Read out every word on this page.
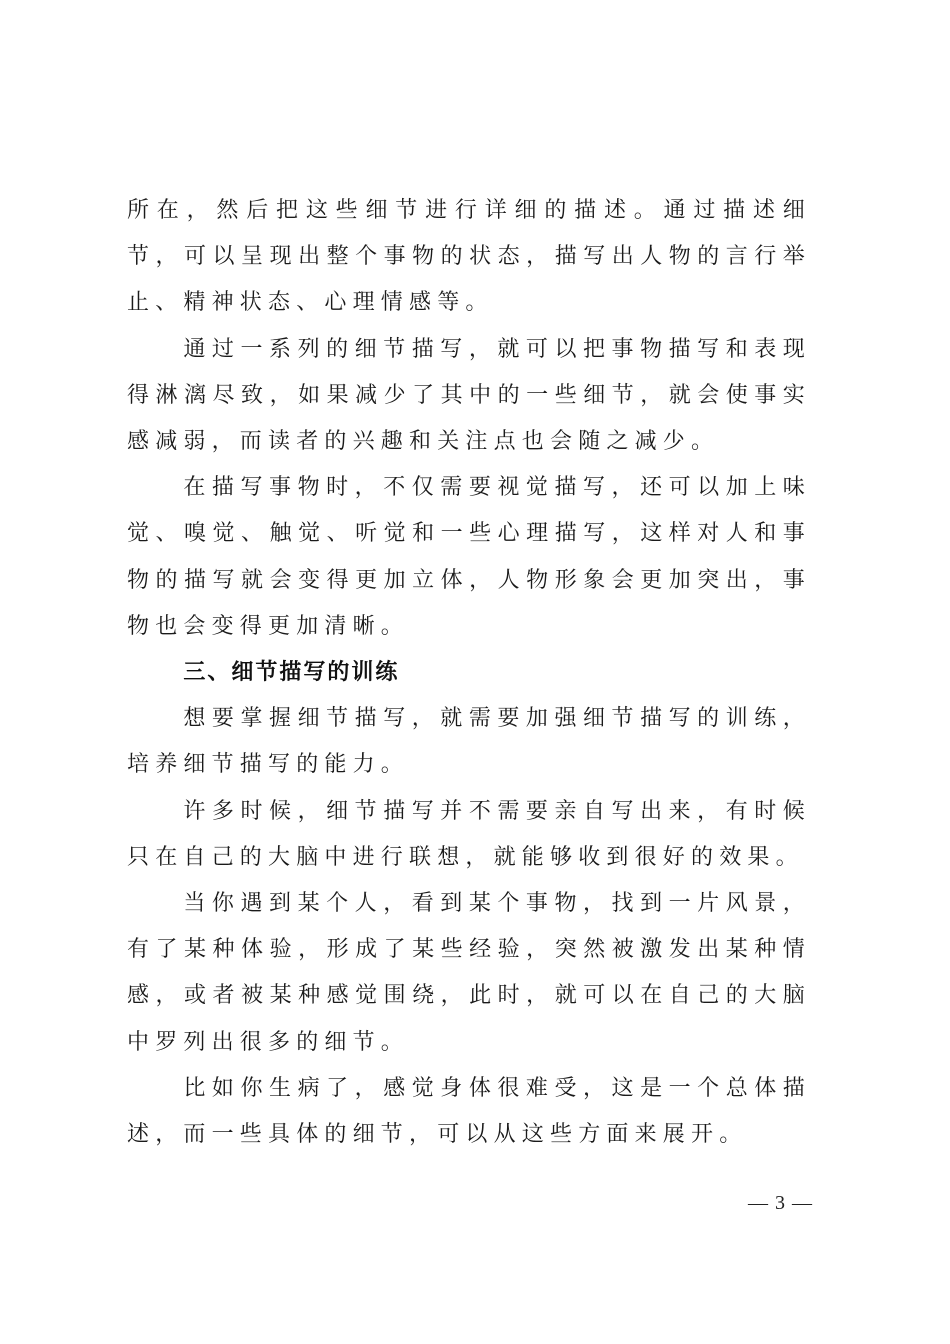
所在，然后把这些细节进行详细的描述。通过描述细节，可以呈现出整个事物的状态，描写出人物的言行举止、精神状态、心理情感等。

通过一系列的细节描写，就可以把事物描写和表现得淋漓尽致，如果减少了其中的一些细节，就会使事实感减弱，而读者的兴趣和关注点也会随之减少。

在描写事物时，不仅需要视觉描写，还可以加上味觉、嗅觉、触觉、听觉和一些心理描写，这样对人和事物的描写就会变得更加立体，人物形象会更加突出，事物也会变得更加清晰。

三、细节描写的训练

想要掌握细节描写，就需要加强细节描写的训练，培养细节描写的能力。

许多时候，细节描写并不需要亲自写出来，有时候只在自己的大脑中进行联想，就能够收到很好的效果。

当你遇到某个人，看到某个事物，找到一片风景，有了某种体验，形成了某些经验，突然被激发出某种情感，或者被某种感觉围绕，此时，就可以在自己的大脑中罗列出很多的细节。

比如你生病了，感觉身体很难受，这是一个总体描述，而一些具体的细节，可以从这些方面来展开。

— 3 —
